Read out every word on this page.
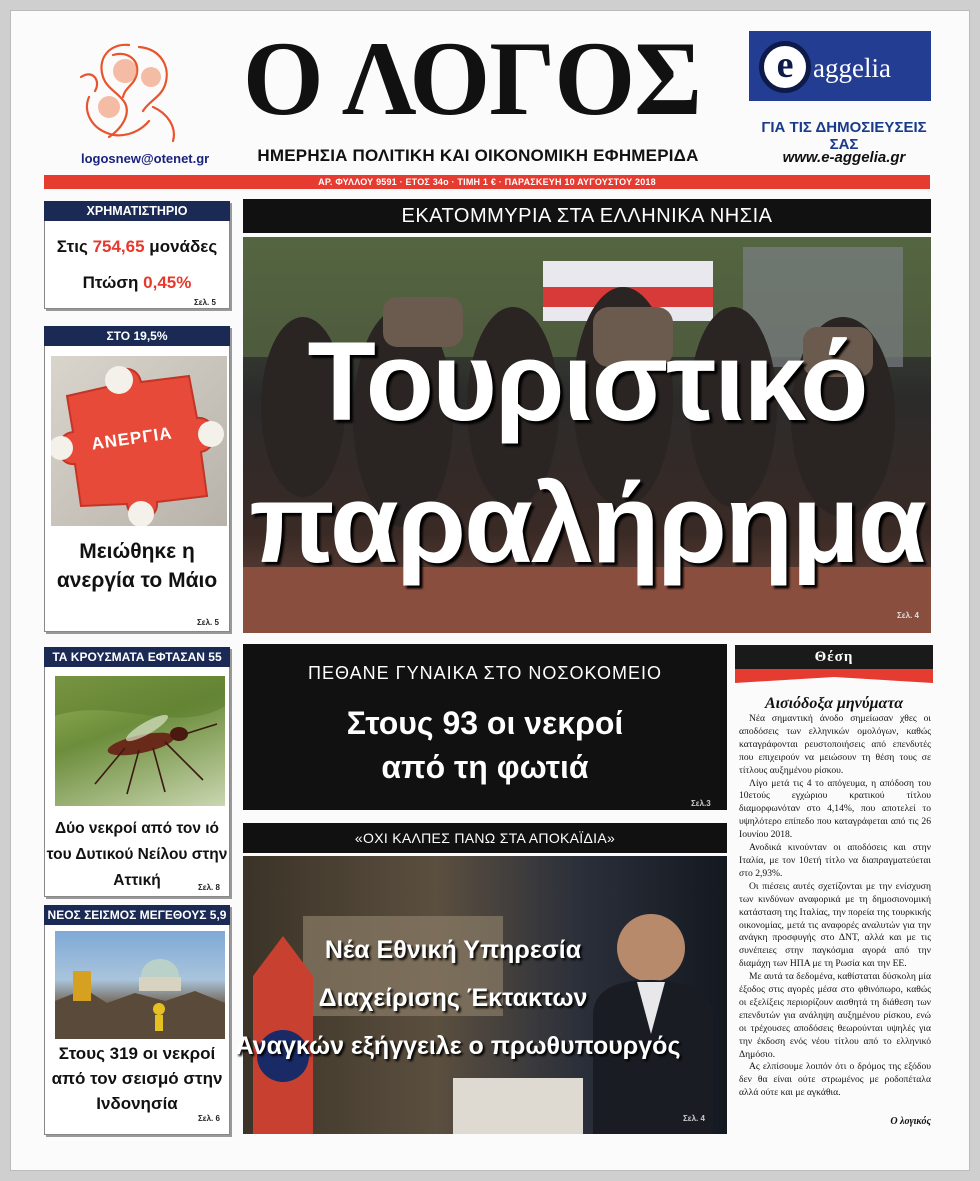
logosnew@otenet.gr
Ο ΛΟΓΟΣ
ΗΜΕΡΗΣΙΑ ΠΟΛΙΤΙΚΗ ΚΑΙ ΟΙΚΟΝΟΜΙΚΗ ΕΦΗΜΕΡΙΔΑ
e aggelia
ΓΙΑ ΤΙΣ ΔΗΜΟΣΙΕΥΣΕΙΣ ΣΑΣ
www.e-aggelia.gr
ΑΡ. ΦΥΛΛΟΥ 9591 · ΕΤΟΣ 34ο · ΤΙΜΗ 1 € · ΠΑΡΑΣΚΕΥΗ 10 ΑΥΓΟΥΣΤΟΥ 2018
ΧΡΗΜΑΤΙΣΤΗΡΙΟ
Στις 754,65 μονάδες
Πτώση 0,45%
Σελ. 5
ΣΤΟ 19,5%
ΑΝΕΡΓΙΑ
Μειώθηκε η ανεργία το Μάιο
Σελ. 5
ΤΑ ΚΡΟΥΣΜΑΤΑ ΕΦΤΑΣΑΝ 55
Δύο νεκροί από τον ιό του Δυτικού Νείλου στην Αττική	Σελ. 8
ΝΕΟΣ ΣΕΙΣΜΟΣ ΜΕΓΕΘΟΥΣ 5,9
Στους 319 οι νεκροί από τον σεισμό στην Ινδονησία
Σελ. 6
ΕΚΑΤΟΜΜΥΡΙΑ ΣΤΑ ΕΛΛΗΝΙΚΑ ΝΗΣΙΑ
Τουριστικό
παραλήρημα
Σελ. 4
ΠΕΘΑΝΕ ΓΥΝΑΙΚΑ ΣΤΟ ΝΟΣΟΚΟΜΕΙΟ
Στους 93 οι νεκροί
από τη φωτιά
Σελ.3
«ΟΧΙ ΚΑΛΠΕΣ ΠΑΝΩ ΣΤΑ ΑΠΟΚΑΪΔΙΑ»
Νέα Εθνική Υπηρεσία
Διαχείρισης Έκτακτων
Αναγκών εξήγγειλε ο πρωθυπουργός
Σελ. 4
Θέση
Αισιόδοξα μηνύματα

Νέα σημαντική άνοδο σημείωσαν χθες οι αποδόσεις των ελληνικών ομολόγων, καθώς καταγράφονται ρευστοποιήσεις από επενδυτές που επιχειρούν να μειώσουν τη θέση τους σε τίτλους αυξημένου ρίσκου.

Λίγο μετά τις 4 το απόγευμα, η απόδοση του 10ετούς εγχώριου κρατικού τίτλου διαμορφωνόταν στο 4,14%, που αποτελεί το υψηλότερο επίπεδο που καταγράφεται από τις 26 Ιουνίου 2018.

Ανοδικά κινούνταν οι αποδόσεις και στην Ιταλία, με τον 10ετή τίτλο να διαπραγματεύεται στο 2,93%.

Οι πιέσεις αυτές σχετίζονται με την ενίσχυση των κινδύνων αναφορικά με τη δημοσιονομική κατάσταση της Ιταλίας, την πορεία της τουρκικής οικονομίας, μετά τις αναφορές αναλυτών για την ανάγκη προσφυγής στο ΔΝΤ, αλλά και με τις συνέπειες στην παγκόσμια αγορά από την διαμάχη των ΗΠΑ με τη Ρωσία και την ΕΕ.

Με αυτά τα δεδομένα, καθίσταται δύσκολη μία έξοδος στις αγορές μέσα στο φθινόπωρο, καθώς οι εξελίξεις περιορίζουν αισθητά τη διάθεση των επενδυτών για ανάληψη αυξημένου ρίσκου, ενώ οι τρέχουσες αποδόσεις θεωρούνται υψηλές για την έκδοση ενός νέου τίτλου από το ελληνικό Δημόσιο.

Ας ελπίσουμε λοιπόν ότι ο δρόμος της εξόδου δεν θα είναι ούτε στρωμένος με ροδοπέταλα αλλά ούτε και με αγκάθια.

Ο λογικός
